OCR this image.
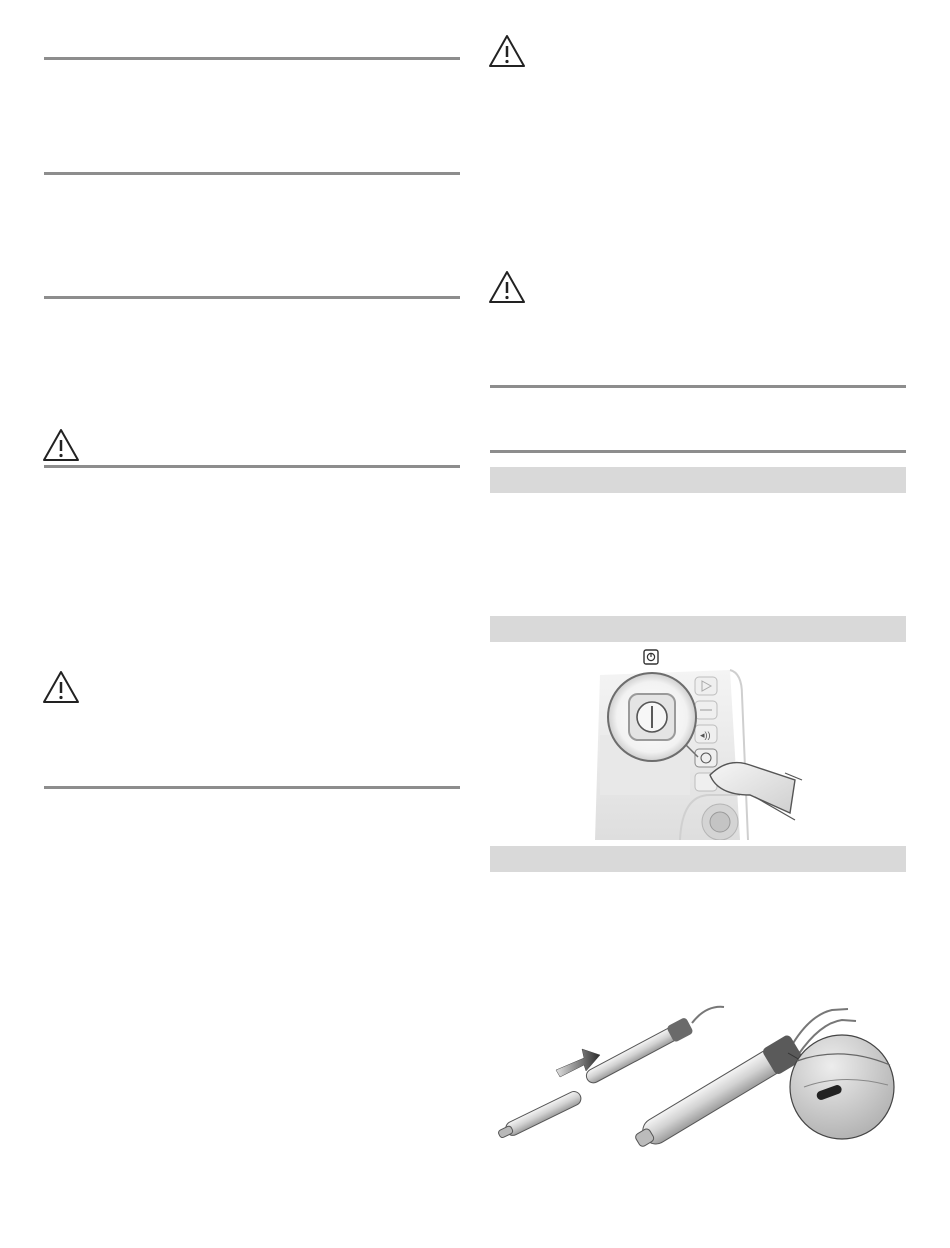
◂))
